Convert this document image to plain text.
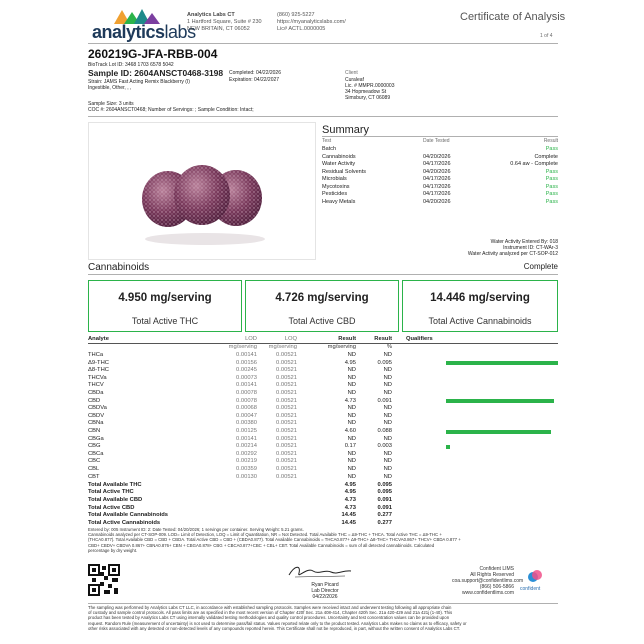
analyticslabs
Analytics Labs CT
1 Hartford Square, Suite # 230
NEW BRITAIN, CT 06052
(860) 925-5227
https://myanalyticslabs.com/
Lic# ACTL.0000005
Certificate of Analysis
1 of 4
260219G-JFA-RBB-004
BioTrack Lot ID: 3468 1703 6578 5042
Sample ID: 2604ANSCT0468-3198
Strain: JAMS Fast Acting Remix Blackberry (I)
Ingestible, Other, , ,
Completed: 04/22/2026
Expiration: 04/22/2027
Client
Curaleaf
Lic. # MMPR.0000003
34 Hopmeadow St
Simsbury, CT 06089
Sample Size: 3 units
COC #: 2604ANSCT0468; Number of Servings: ; Sample Condition: Intact;
Summary
Test	Date Tested	Result
Batch	Pass
Cannabinoids	04/20/2026	Complete
Water Activity	04/17/2026	0.64 aw - Complete
Residual Solvents	04/20/2026	Pass
Microbials	04/17/2026	Pass
Mycotoxins	04/17/2026	Pass
Pesticides	04/17/2026	Pass
Heavy Metals	04/20/2026	Pass
Water Activity Entered By: 018
Instrument ID: CT-WAr-3
Water Activity analyzed per CT-SOP-012
Cannabinoids	Complete
4.950 mg/serving
Total Active THC
4.726 mg/serving
Total Active CBD
14.446 mg/serving
Total Active Cannabinoids
Analyte	LOD	LOQ	Result	Result Qualifiers
mg/serving	mg/serving	mg/serving	%
THCa	0.00141	0.00521	ND	ND
Δ9-THC	0.00156	0.00521	4.95	0.095
Δ8-THC	0.00245	0.00521	ND	ND
THCVa	0.00073	0.00521	ND	ND
THCV	0.00141	0.00521	ND	ND
CBDa	0.00078	0.00521	ND	ND
CBD	0.00078	0.00521	4.73	0.091
CBDVa	0.00068	0.00521	ND	ND
CBDV	0.00047	0.00521	ND	ND
CBNa	0.00380	0.00521	ND	ND
CBN	0.00125	0.00521	4.60	0.088
CBGa	0.00141	0.00521	ND	ND
CBG	0.00214	0.00521	0.17	0.003
CBCa	0.00292	0.00521	ND	ND
CBC	0.00219	0.00521	ND	ND
CBL	0.00359	0.00521	ND	ND
CBT	0.00130	0.00521	ND	ND
Total Available THC	4.95	0.095
Total Active THC	4.95	0.095
Total Available CBD	4.73	0.091
Total Active CBD	4.73	0.091
Total Available Cannabinoids	14.45	0.277
Total Active Cannabinoids	14.45	0.277
Entered by: 005 Instrument ID: 2: Date Tested: 04/20/2026; 1 servings per container. Serving Weight: 5.21 grams.
Cannabinoids analyzed per CT-SOP-009. LOD= Limit of Detection, LOQ = Limit of Quantitation, NR = Not Detected. Total Available THC = Δ9-THC + THCA. Total Active THC = Δ9-THC +
(THCA0.877). Total Available CBD = CBD + CBDA. Total Active CBD = CBD + (CBDA0.877). Total Available Cannabinoids = THCA0.877+ Δ9-THC+ Δ8-THC+ THCVA0.867+ THCV+ CBDA 0.877 +
CBD+ CBDV+ CBDVA 0.867+ CBNA0.876+ CBN + CBGA0.878+ CBG + CBCA0.877+CBC + CBL+ CBT. Total Available Cannabinoids = sum of all detected cannabinoids. Calculated
percentage by dry weight.
Ryan Picard
Lab Director
04/22/2026
Confident LIMS
All Rights Reserved
coa.support@confidentlims.com
(866) 506-5866
www.confidentlims.com
confident
The sampling was performed by Analytics Labs CT LLC, in accordance with established sampling protocols. Samples were received intact and underwent testing following all appropriate chain
of custody and sample control protocols. All pass limits are as specified in the most recent version of Chapter 420f Sec. 21a 408-414, Chapter 420h Sec. 21a 420-429 and 21a 421j (1-40). This
product has been tested by Analytics Labs CT using internally validated testing methodologies and quality control procedures. Uncertainty and test concentration values can be provided upon
request. Random Rule (measurement of uncertainty) is not used to determine pass/fail status. Values reported relate only to the product tested. Analytics Labs makes no claims as to efficacy, safety or
other risks associated with any detected or non-detected levels of any compounds reported herein. This Certificate shall not be reproduced, in part, without the written consent of Analytics Labs CT.
